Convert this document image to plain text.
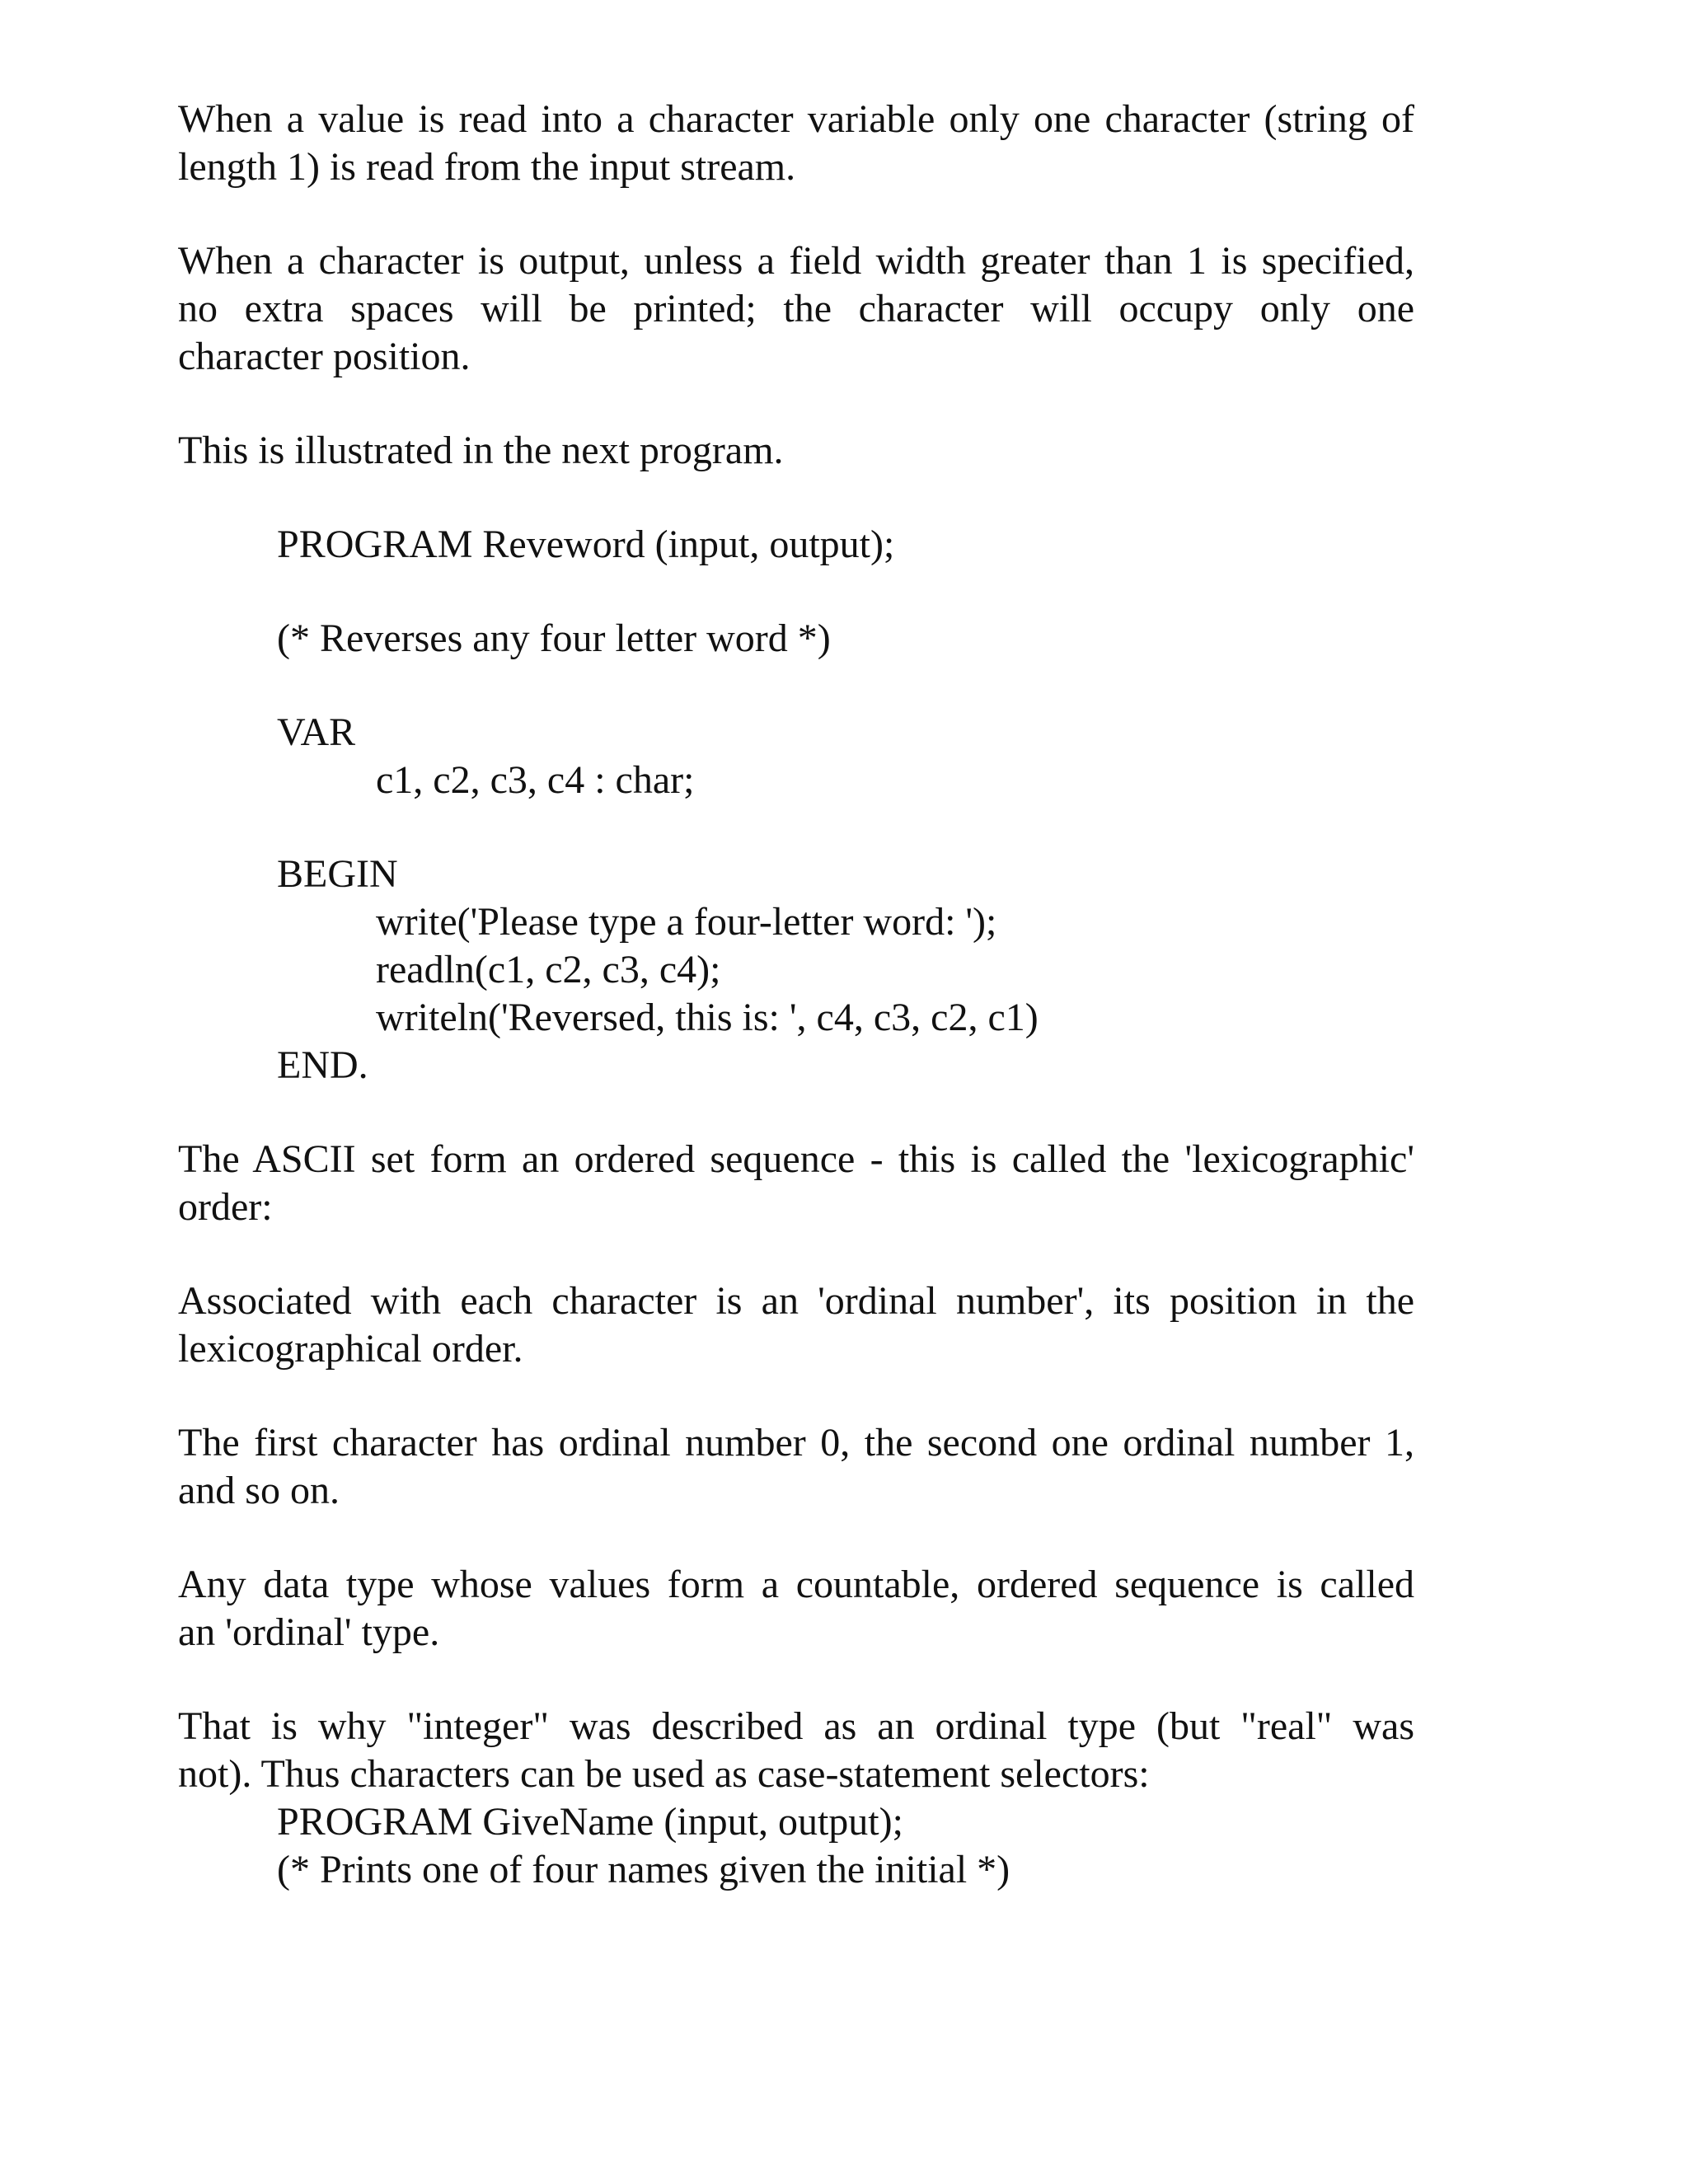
When a value is read into a character variable only one character (string of
length 1) is read from the input stream.

When a character is output, unless a field width greater than 1 is specified,
no extra spaces will be printed; the character will occupy only one
character position.

This is illustrated in the next program.

PROGRAM Reveword (input, output);
(* Reverses any four letter word *)
VAR
c1, c2, c3, c4 : char;
BEGIN
write('Please type a four-letter word: ');
readln(c1, c2, c3, c4);
writeln('Reversed, this is: ', c4, c3, c2, c1)
END.

The ASCII set form an ordered sequence - this is called the 'lexicographic'
order:

Associated with each character is an 'ordinal number', its position in the
lexicographical order.

The first character has ordinal number 0, the second one ordinal number 1,
and so on.

Any data type whose values form a countable, ordered sequence is called
an 'ordinal' type.

That is why "integer" was described as an ordinal type (but "real" was
not). Thus characters can be used as case-statement selectors:

PROGRAM GiveName (input, output);
(* Prints one of four names given the initial *)
